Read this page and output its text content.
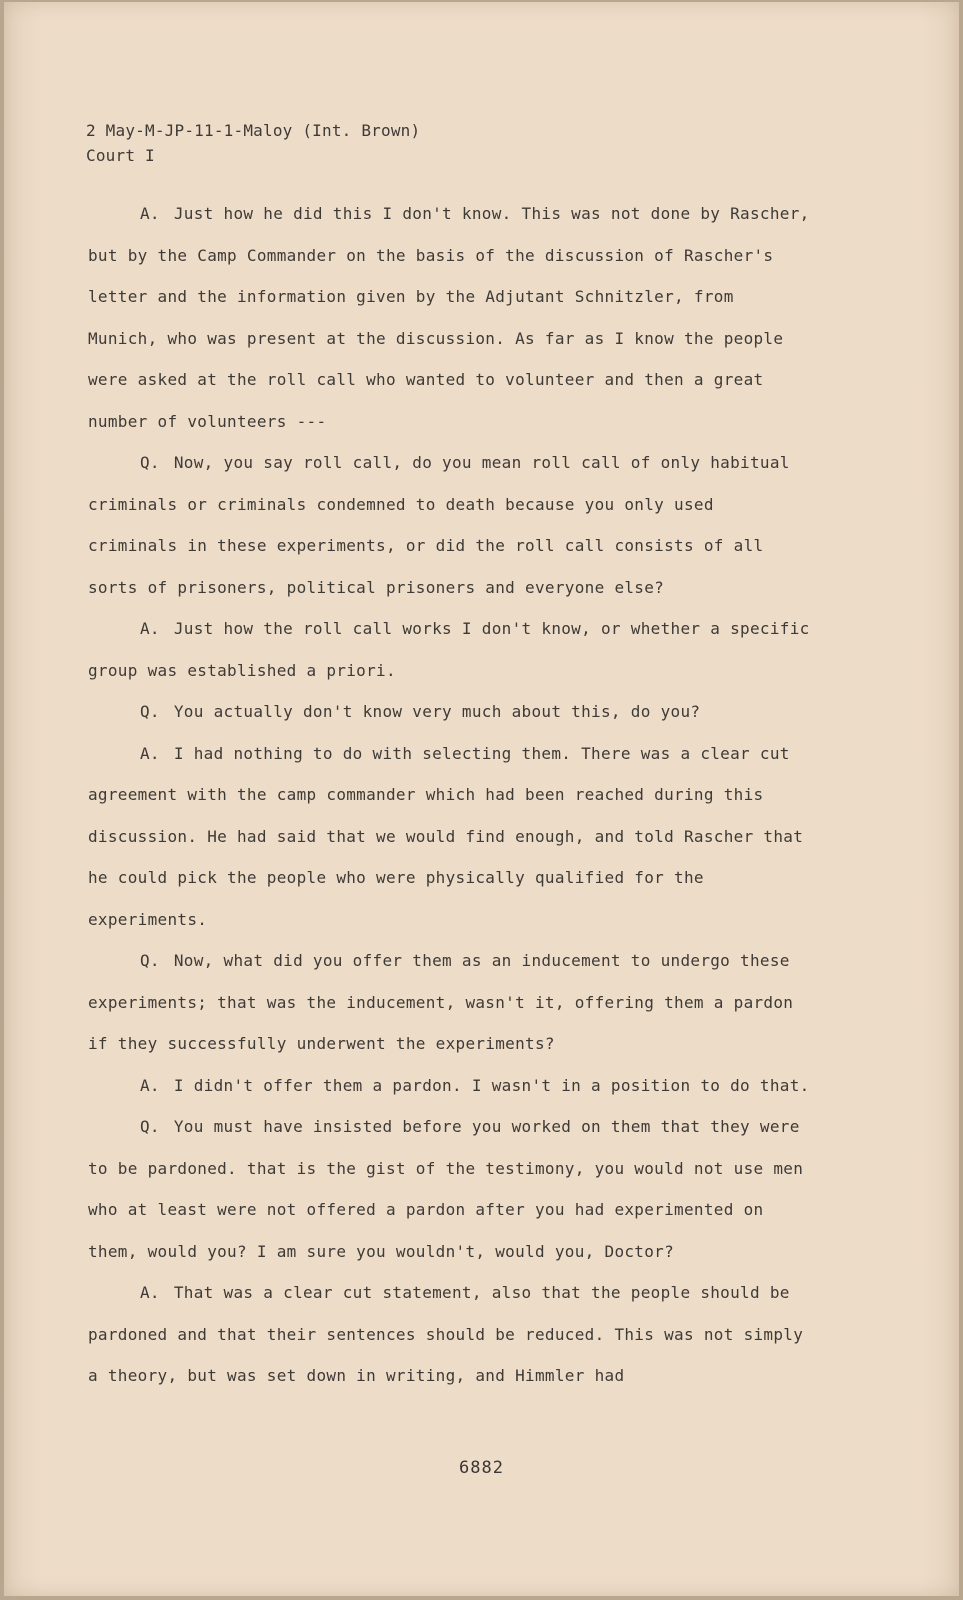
2 May-M-JP-11-1-Maloy (Int. Brown)
Court I

A. Just how he did this I don't know. This was not done by Rascher, but by the Camp Commander on the basis of the discussion of Rascher's letter and the information given by the Adjutant Schnitzler, from Munich, who was present at the discussion. As far as I know the people were asked at the roll call who wanted to volunteer and then a great number of volunteers ---

Q. Now, you say roll call, do you mean roll call of only habitual criminals or criminals condemned to death because you only used criminals in these experiments, or did the roll call consists of all sorts of prisoners, political prisoners and everyone else?

A. Just how the roll call works I don't know, or whether a specific group was established a priori.

Q. You actually don't know very much about this, do you?

A. I had nothing to do with selecting them. There was a clear cut agreement with the camp commander which had been reached during this discussion. He had said that we would find enough, and told Rascher that he could pick the people who were physically qualified for the experiments.

Q. Now, what did you offer them as an inducement to undergo these experiments; that was the inducement, wasn't it, offering them a pardon if they successfully underwent the experiments?

A. I didn't offer them a pardon. I wasn't in a position to do that.

Q. You must have insisted before you worked on them that they were to be pardoned. that is the gist of the testimony, you would not use men who at least were not offered a pardon after you had experimented on them, would you? I am sure you wouldn't, would you, Doctor?

A. That was a clear cut statement, also that the people should be pardoned and that their sentences should be reduced. This was not simply a theory, but was set down in writing, and Himmler had

6882
